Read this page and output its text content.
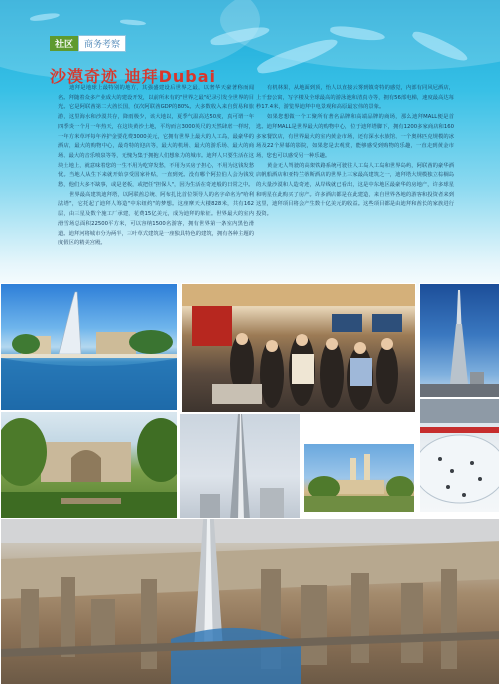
社区	商务考察
沙漠奇迹 迪拜Dubai

迪拜是地球上最特别的地方，其强盛建设后世界之最，以奢华天豪著称而闻名。拜随着众多产业成大的建设开发，以前所未有的"世界之最"纪录引发全世界的目光。它是阿联酋第二大酋长国，仅次阿联酋GDP的80%。大多数收入来自贸易和旅游，这里海水和沙漠共存，降雨极少，该大地以，夏季气温高达50度，真可谓一年四季炎一个月一年热天，在这块黄沙土地，平均而言3000英尺的天然肆虐一样时，一年方米草坪每年养护金要花费3000美元，它拥有世界上最大的人工岛，最豪华的酒店，最大的购物中心，最奇特的迎店等，最大的机场、最大的游乐场、最大的商场、最大的音乐喷泉等等，无愧为集于拥抱人们想象力的城市。迪拜人只要生活在这块土地上，就意味着您的一生不用为吃穿发愁，不用为买房子担心，不用为这钱发愁忧。当地人从生下来就开始享受国家补贴，一直到死。没有哪个阿拉伯人会为钱发愁，他们大多不缺事，或是老板，或把任"担保人"，因为生活在奇迹般的日常之中。

世界最高建筑迪拜塔，以阿联酋总统、阿布扎比首位领导人的名字命名为"哈利法塔"，它托起了迪拜人筹造"中东纽约"的梦想。这座摩天大楼828米，共有162层，由三星及数个施工厂承建，花费15亿美元，成为迪拜的象征。世界最大的室内滑雪场总面积22500平方米，可以容纳1500名游客，拥有世界第一条室内黑色滑道。迪拜河将城市分为两半，三叶草式建筑是一座独具特色的建筑，拥有各种主题的度假区的精美宫殿。

有机林果，从地面到顶，怡人以直接云雾到镇奇特的感觉，内部有同风尼酒店，上千套公寓，写字楼及全球最高的游泳池和清真寺等，拥有56部电梯，速度最高达每秒17.4米，游览界迪拜中电景观和高原最宏伟的景象。

如果您想做一个工聚所有著名品牌和高端品牌的商场，那么迪拜MALL便是首选。迪拜MALL是世界最大的购物中心，位于迪拜塔脚下，拥有1200多家商店和160多家餐饮店，有世界最大的室内黄金市场，还有深水水族馆、一个奥林匹克规模的冰场及22个屏幕的影院，如果您是去观赏，能够感受到购物的乐趣，一直走到黄金市场，您也可以感受另一种乐趣。

黄金无人驾驶的高架铁路系统可驶往人工岛人工岛和世界岛屿，阿联酋的豪华酒店帆船酒店和亚特兰蒂斯酒店的世界上三家最高建筑之一，迪拜塔大规模独立棕榈岛的大量沙漠和人造奇迹，从岸线就已看出，这是中东地区最豪华的房地产，许多球星和明星在此购买了房产。许多酒店都是在此建造，来自世界各地的游客和投资者来到这里，迪拜项目将会产生数十亿美元的收益。这些项目都是由迪拜和酋长的家族进行投资。
